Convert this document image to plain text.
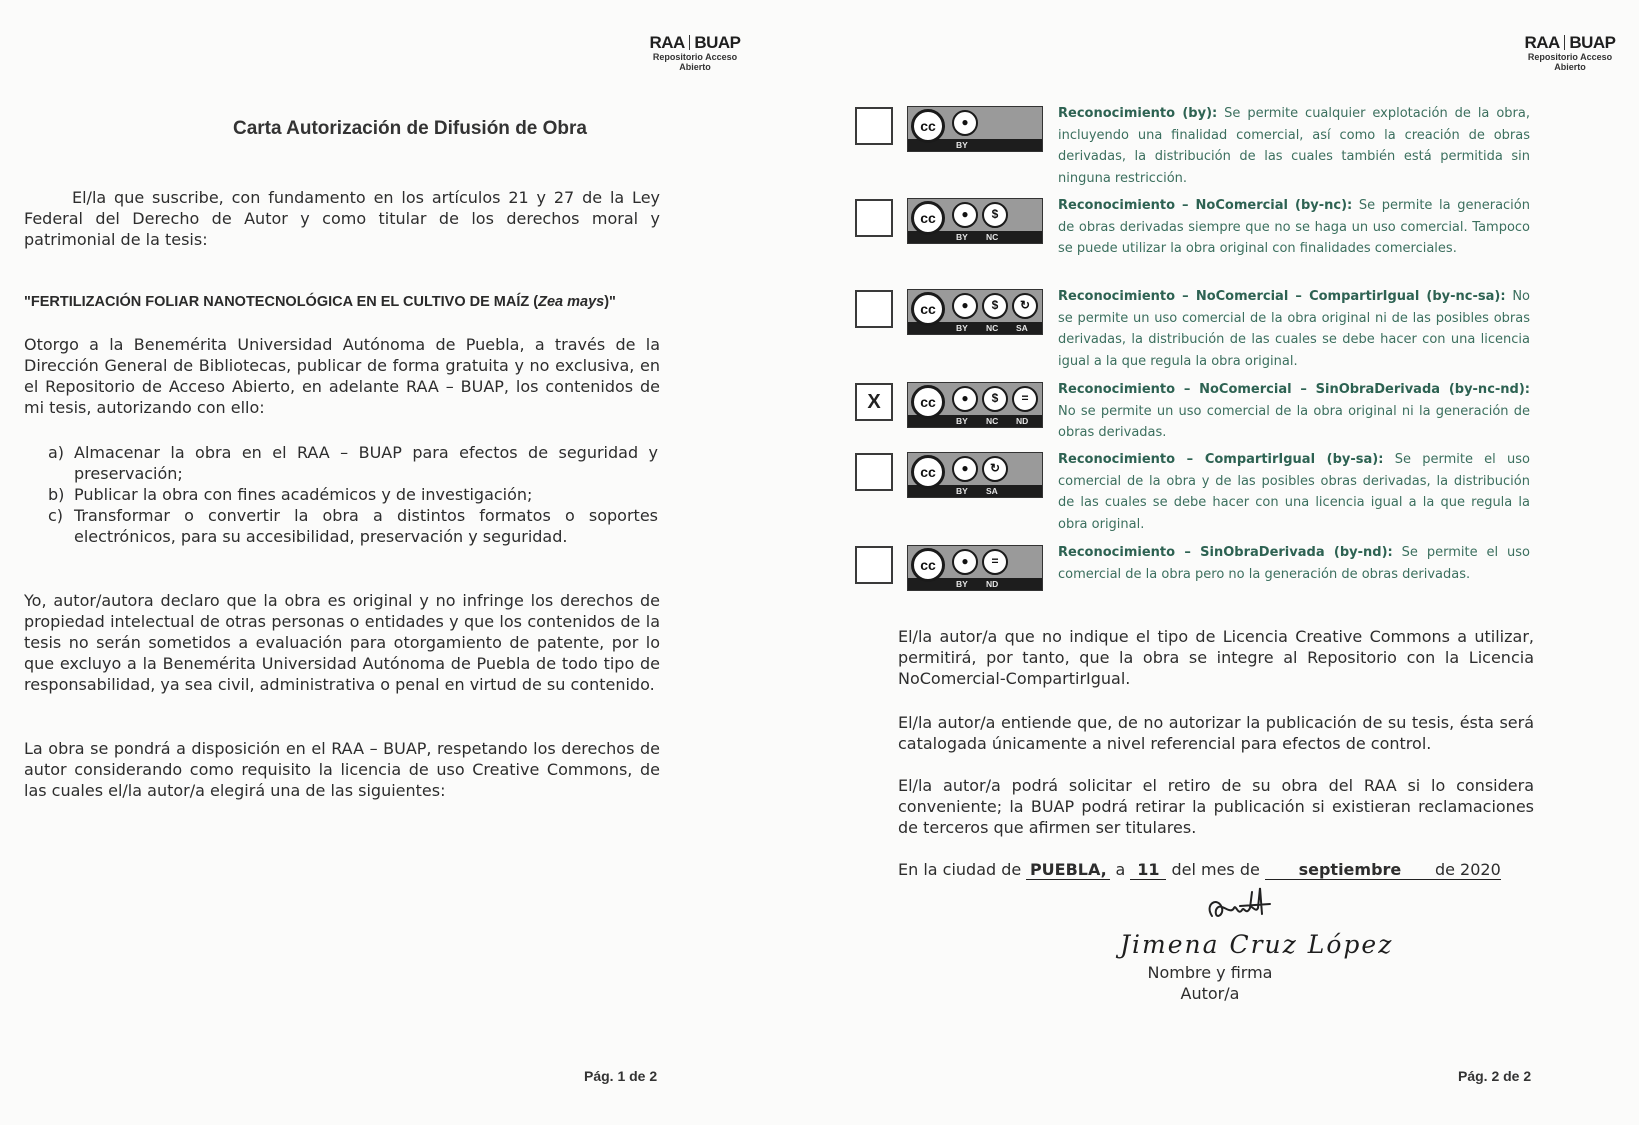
RAA BUAP
Repositorio Acceso
Abierto
Carta Autorización de Difusión de Obra

El/la que suscribe, con fundamento en los artículos 21 y 27 de la Ley Federal del Derecho de Autor y como titular de los derechos moral y patrimonial de la tesis:

"FERTILIZACIÓN FOLIAR NANOTECNOLÓGICA EN EL CULTIVO DE MAÍZ (Zea mays)"

Otorgo a la Benemérita Universidad Autónoma de Puebla, a través de la Dirección General de Bibliotecas, publicar de forma gratuita y no exclusiva, en el Repositorio de Acceso Abierto, en adelante RAA – BUAP, los contenidos de mi tesis, autorizando con ello:

a) Almacenar la obra en el RAA – BUAP para efectos de seguridad y preservación;
b) Publicar la obra con fines académicos y de investigación;
c) Transformar o convertir la obra a distintos formatos o soportes electrónicos, para su accesibilidad, preservación y seguridad.

Yo, autor/autora declaro que la obra es original y no infringe los derechos de propiedad intelectual de otras personas o entidades y que los contenidos de la tesis no serán sometidos a evaluación para otorgamiento de patente, por lo que excluyo a la Benemérita Universidad Autónoma de Puebla de todo tipo de responsabilidad, ya sea civil, administrativa o penal en virtud de su contenido.

La obra se pondrá a disposición en el RAA – BUAP, respetando los derechos de autor considerando como requisito la licencia de uso Creative Commons, de las cuales el/la autor/a elegirá una de las siguientes:

Pág. 1 de 2
RAA BUAP
Repositorio Acceso
Abierto
cc	●
BY

Reconocimiento (by): Se permite cualquier explotación de la obra, incluyendo una finalidad comercial, así como la creación de obras derivadas, la distribución de las cuales también está permitida sin ninguna restricción.

cc	●
BY
$
NC

Reconocimiento – NoComercial (by-nc): Se permite la generación de obras derivadas siempre que no se haga un uso comercial. Tampoco se puede utilizar la obra original con finalidades comerciales.

cc	●
BY
$
NC
↻
SA

Reconocimiento – NoComercial – CompartirIgual (by-nc-sa): No se permite un uso comercial de la obra original ni de las posibles obras derivadas, la distribución de las cuales se debe hacer con una licencia igual a la que regula la obra original.

X	cc	●
BY
$
NC
=
ND

Reconocimiento – NoComercial – SinObraDerivada (by-nc-nd): No se permite un uso comercial de la obra original ni la generación de obras derivadas.

cc	●
BY
↻
SA

Reconocimiento – CompartirIgual (by-sa): Se permite el uso comercial de la obra y de las posibles obras derivadas, la distribución de las cuales se debe hacer con una licencia igual a la que regula la obra original.

cc	●
BY
=
ND

Reconocimiento – SinObraDerivada (by-nd): Se permite el uso comercial de la obra pero no la generación de obras derivadas.

El/la autor/a que no indique el tipo de Licencia Creative Commons a utilizar, permitirá, por tanto, que la obra se integre al Repositorio con la Licencia NoComercial-CompartirIgual.

El/la autor/a entiende que, de no autorizar la publicación de su tesis, ésta será catalogada únicamente a nivel referencial para efectos de control.

El/la autor/a podrá solicitar el retiro de su obra del RAA si lo considera conveniente; la BUAP podrá retirar la publicación si existieran reclamaciones de terceros que afirmen ser titulares.

En la ciudad de PUEBLA, a 11 del mes de septiembre de 2020
Jimena Cruz López
Nombre y firma
Autor/a
Pág. 2 de 2
